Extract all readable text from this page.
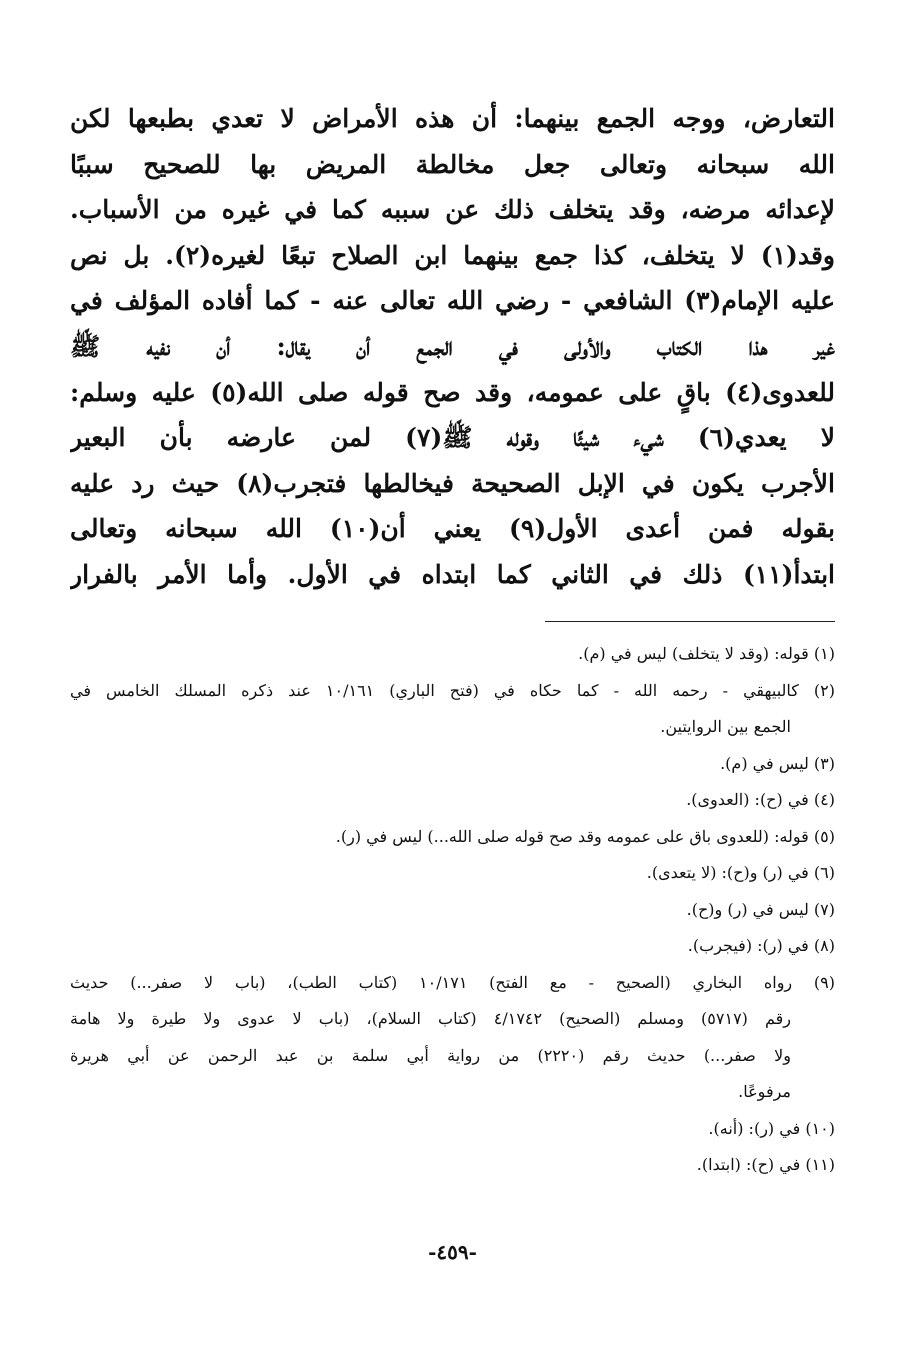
التعارض، ووجه الجمع بينهما: أن هذه الأمراض لا تعدي بطبعها لكن
الله سبحانه وتعالى جعل مخالطة المريض بها للصحيح سببًا
لإعدائه مرضه، وقد يتخلف ذلك عن سببه كما في غيره من الأسباب.
وقد(١) لا يتخلف، كذا جمع بينهما ابن الصلاح تبعًا لغيره(٢). بل نص
عليه الإمام(٣) الشافعي - رضي الله تعالى عنه - كما أفاده المؤلف في
غير هذا الكتاب والأولى في الجمع أن يقال: أن نفيه ﷺ
للعدوى(٤) باقٍ على عمومه، وقد صح قوله صلى الله(٥) عليه وسلم:
لا يعدي(٦) شيء شيئًا وقوله ﷺ(٧) لمن عارضه بأن البعير
الأجرب يكون في الإبل الصحيحة فيخالطها فتجرب(٨) حيث رد عليه
بقوله فمن أعدى الأول(٩) يعني أن(١٠) الله سبحانه وتعالى
ابتدأ(١١) ذلك في الثاني كما ابتداه في الأول. وأما الأمر بالفرار
(١) قوله: (وقد لا يتخلف) ليس في (م).
(٢) كالبيهقي - رحمه الله - كما حكاه في (فتح الباري) ١٠/١٦١ عند ذكره المسلك الخامس في
الجمع بين الروايتين.
(٣) ليس في (م).
(٤) في (ح): (العدوى).
(٥) قوله: (للعدوى باق على عمومه وقد صح قوله صلى الله...) ليس في (ر).
(٦) في (ر) و(ح): (لا يتعدى).
(٧) ليس في (ر) و(ح).
(٨) في (ر): (فيجرب).
(٩) رواه البخاري (الصحيح - مع الفتح) ١٠/١٧١ (كتاب الطب)، (باب لا صفر...) حديث
رقم (٥٧١٧) ومسلم (الصحيح) ٤/١٧٤٢ (كتاب السلام)، (باب لا عدوى ولا طيرة ولا هامة
ولا صفر...) حديث رقم (٢٢٢٠) من رواية أبي سلمة بن عبد الرحمن عن أبي هريرة
مرفوعًا.
(١٠) في (ر): (أنه).
(١١) في (ح): (ابتدا).
-٤٥٩-
